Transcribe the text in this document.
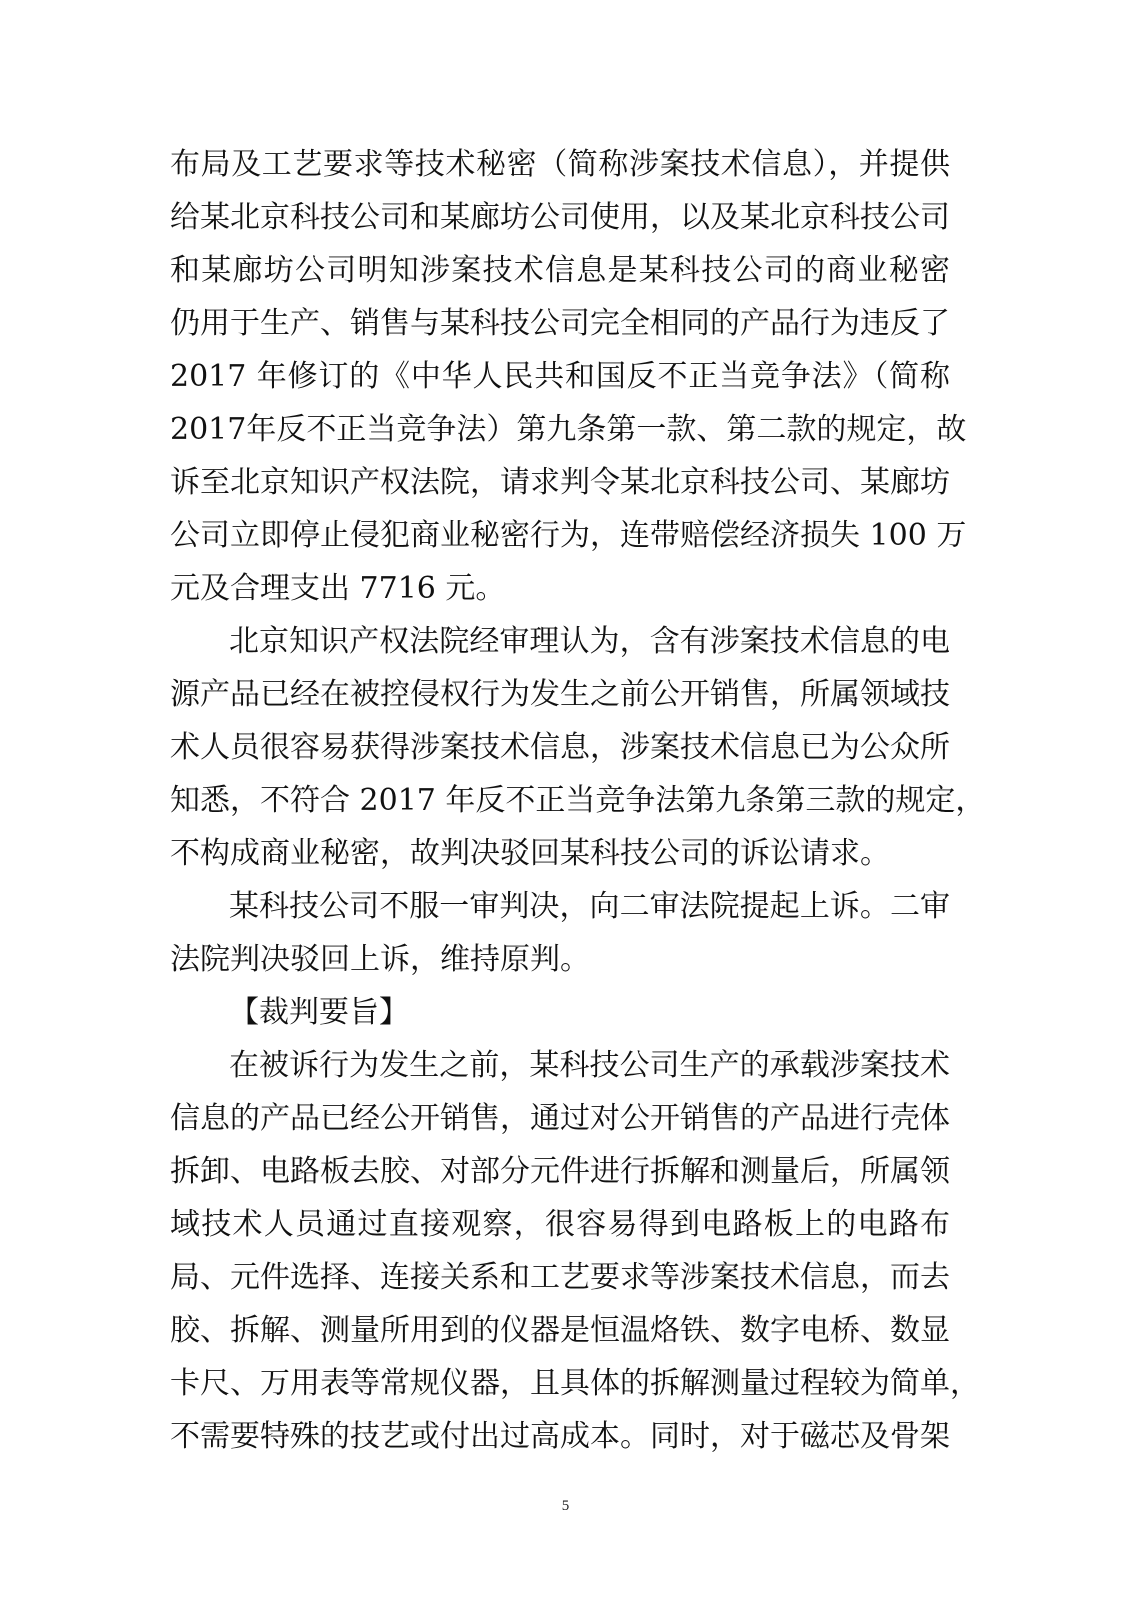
布局及工艺要求等技术秘密（简称涉案技术信息），并提供
给某北京科技公司和某廊坊公司使用，以及某北京科技公司
和某廊坊公司明知涉案技术信息是某科技公司的商业秘密
仍用于生产、销售与某科技公司完全相同的产品行为违反了
2017 年修订的《中华人民共和国反不正当竞争法》（简称
2017年反不正当竞争法）第九条第一款、第二款的规定，故
诉至北京知识产权法院，请求判令某北京科技公司、某廊坊
公司立即停止侵犯商业秘密行为，连带赔偿经济损失 100 万
元及合理支出 7716 元。
北京知识产权法院经审理认为，含有涉案技术信息的电
源产品已经在被控侵权行为发生之前公开销售，所属领域技
术人员很容易获得涉案技术信息，涉案技术信息已为公众所
知悉，不符合 2017 年反不正当竞争法第九条第三款的规定，
不构成商业秘密，故判决驳回某科技公司的诉讼请求。
某科技公司不服一审判决，向二审法院提起上诉。二审
法院判决驳回上诉，维持原判。
【裁判要旨】
在被诉行为发生之前，某科技公司生产的承载涉案技术
信息的产品已经公开销售，通过对公开销售的产品进行壳体
拆卸、电路板去胶、对部分元件进行拆解和测量后，所属领
域技术人员通过直接观察，很容易得到电路板上的电路布
局、元件选择、连接关系和工艺要求等涉案技术信息，而去
胶、拆解、测量所用到的仪器是恒温烙铁、数字电桥、数显
卡尺、万用表等常规仪器，且具体的拆解测量过程较为简单，
不需要特殊的技艺或付出过高成本。同时，对于磁芯及骨架
5
